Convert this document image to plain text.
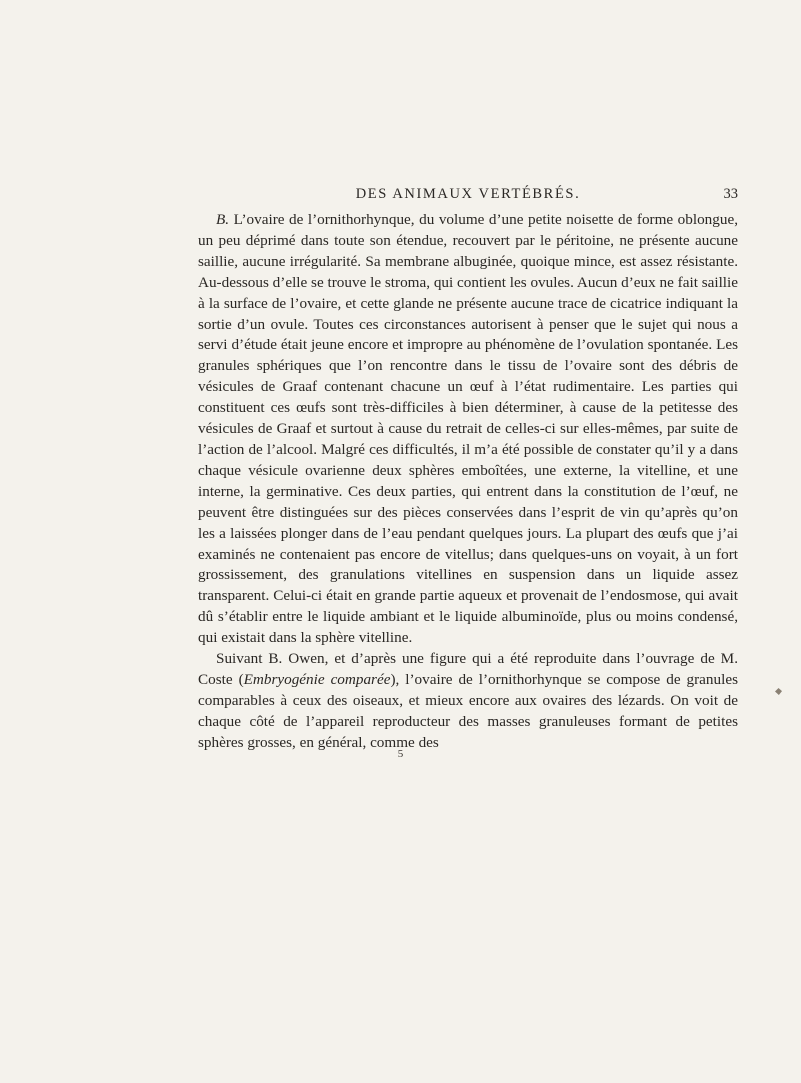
DES ANIMAUX VERTÉBRÉS.	33

B. L’ovaire de l’ornithorhynque, du volume d’une petite noisette de forme oblongue, un peu déprimé dans toute son étendue, recouvert par le péritoine, ne présente aucune saillie, aucune irrégularité. Sa membrane albuginée, quoique mince, est assez résistante. Au-dessous d’elle se trouve le stroma, qui contient les ovules. Aucun d’eux ne fait saillie à la surface de l’ovaire, et cette glande ne présente aucune trace de cicatrice indiquant la sortie d’un ovule. Toutes ces circonstances autorisent à penser que le sujet qui nous a servi d’étude était jeune encore et impropre au phénomène de l’ovulation spontanée. Les granules sphériques que l’on rencontre dans le tissu de l’ovaire sont des débris de vésicules de Graaf contenant chacune un œuf à l’état rudimentaire. Les parties qui constituent ces œufs sont très-difficiles à bien déterminer, à cause de la petitesse des vésicules de Graaf et surtout à cause du retrait de celles-ci sur elles-mêmes, par suite de l’action de l’alcool. Malgré ces difficultés, il m’a été possible de constater qu’il y a dans chaque vésicule ovarienne deux sphères emboîtées, une externe, la vitelline, et une interne, la germinative. Ces deux parties, qui entrent dans la constitution de l’œuf, ne peuvent être distinguées sur des pièces conservées dans l’esprit de vin qu’après qu’on les a laissées plonger dans de l’eau pendant quelques jours. La plupart des œufs que j’ai examinés ne contenaient pas encore de vitellus; dans quelques-uns on voyait, à un fort grossissement, des granulations vitellines en suspension dans un liquide assez transparent. Celui-ci était en grande partie aqueux et provenait de l’endosmose, qui avait dû s’établir entre le liquide ambiant et le liquide albuminoïde, plus ou moins condensé, qui existait dans la sphère vitelline.

Suivant B. Owen, et d’après une figure qui a été reproduite dans l’ouvrage de M. Coste (Embryogénie comparée), l’ovaire de l’ornithorhynque se compose de granules comparables à ceux des oiseaux, et mieux encore aux ovaires des lézards. On voit de chaque côté de l’appareil reproducteur des masses granuleuses formant de petites sphères grosses, en général, comme des

5
